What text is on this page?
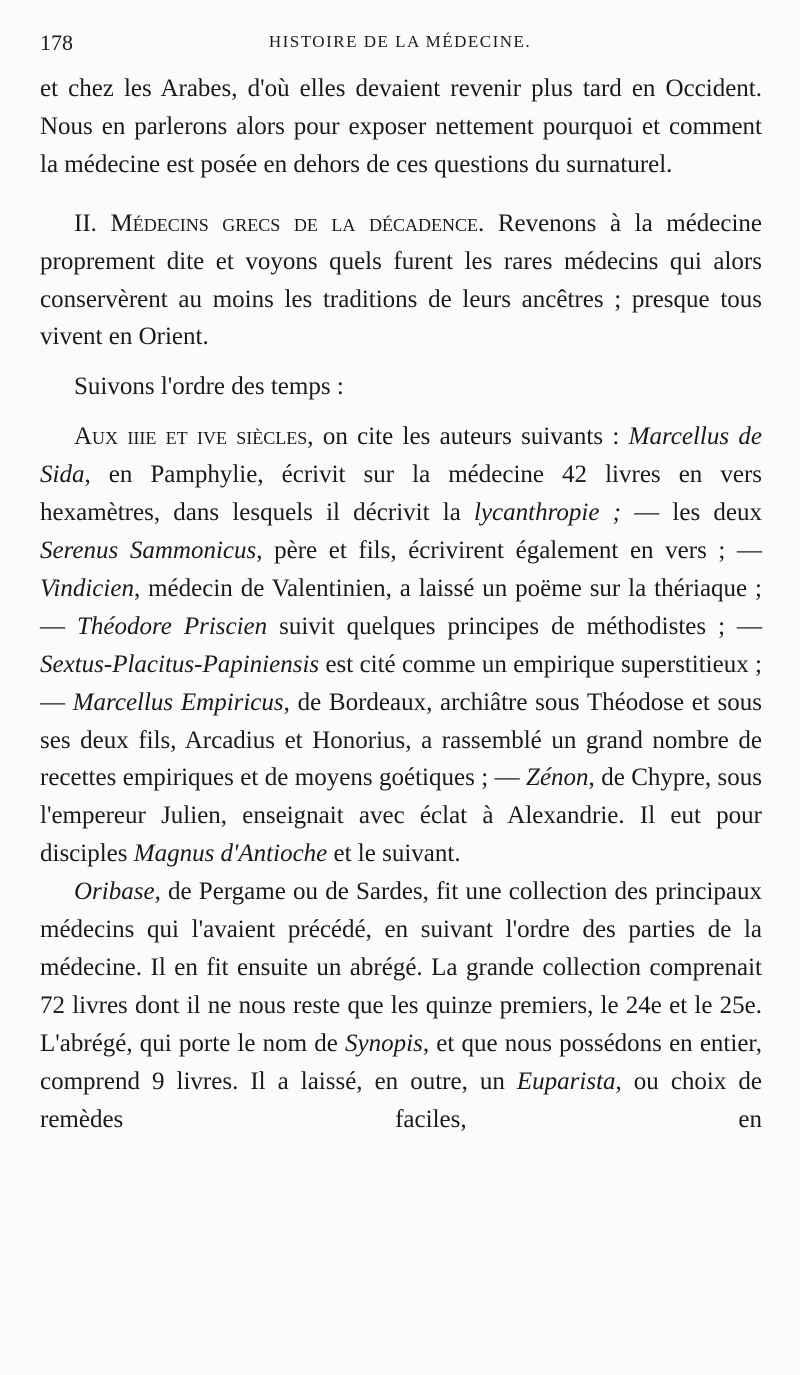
178	HISTOIRE DE LA MÉDECINE.

et chez les Arabes, d'où elles devaient revenir plus tard en Occident. Nous en parlerons alors pour exposer nettement pourquoi et comment la médecine est posée en dehors de ces questions du surnaturel.

II. Médecins grecs de la décadence. Revenons à la médecine proprement dite et voyons quels furent les rares médecins qui alors conservèrent au moins les traditions de leurs ancêtres ; presque tous vivent en Orient.

Suivons l'ordre des temps :

Aux iiie et ive siècles, on cite les auteurs suivants : Marcellus de Sida, en Pamphylie, écrivit sur la médecine 42 livres en vers hexamètres, dans lesquels il décrivit la lycanthropie ; — les deux Serenus Sammonicus, père et fils, écrivirent également en vers ; — Vindicien, médecin de Valentinien, a laissé un poëme sur la thériaque ; — Théodore Priscien suivit quelques principes de méthodistes ; — Sextus-Placitus-Papiniensis est cité comme un empirique superstitieux ; — Marcellus Empiricus, de Bordeaux, archiâtre sous Théodose et sous ses deux fils, Arcadius et Honorius, a rassemblé un grand nombre de recettes empiriques et de moyens goétiques ; — Zénon, de Chypre, sous l'empereur Julien, enseignait avec éclat à Alexandrie. Il eut pour disciples Magnus d'Antioche et le suivant.

Oribase, de Pergame ou de Sardes, fit une collection des principaux médecins qui l'avaient précédé, en suivant l'ordre des parties de la médecine. Il en fit ensuite un abrégé. La grande collection comprenait 72 livres dont il ne nous reste que les quinze premiers, le 24e et le 25e. L'abrégé, qui porte le nom de Synopis, et que nous possédons en entier, comprend 9 livres. Il a laissé, en outre, un Euparista, ou choix de remèdes faciles, en
